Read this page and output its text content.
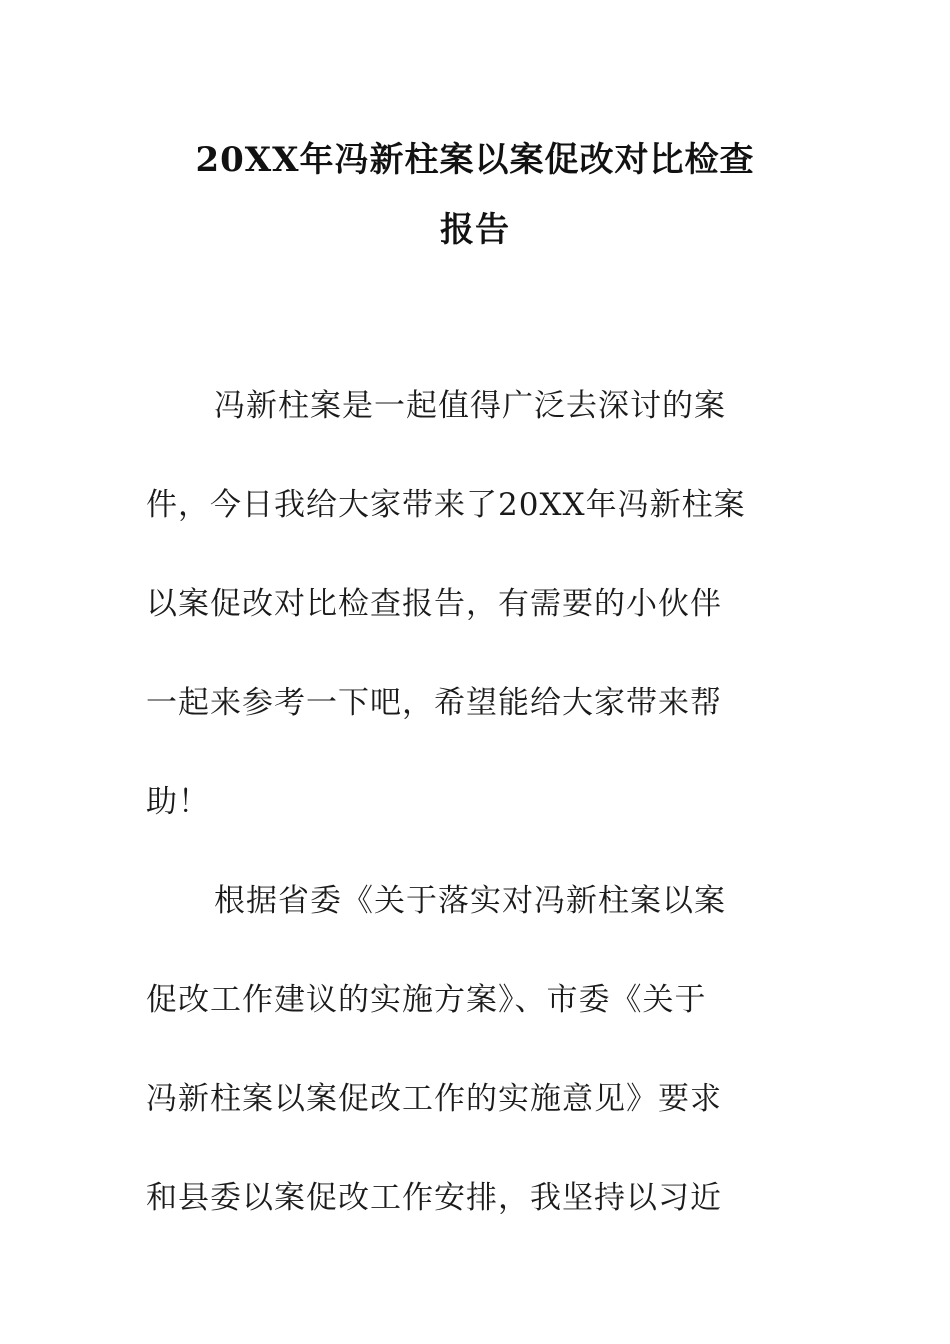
20XX年冯新柱案以案促改对比检查
报告
冯新柱案是一起值得广泛去深讨的案
件，今日我给大家带来了20XX年冯新柱案
以案促改对比检查报告，有需要的小伙伴
一起来参考一下吧，希望能给大家带来帮
助！
根据省委《关于落实对冯新柱案以案
促改工作建议的实施方案》、市委《关于
冯新柱案以案促改工作的实施意见》要求
和县委以案促改工作安排，我坚持以习近
